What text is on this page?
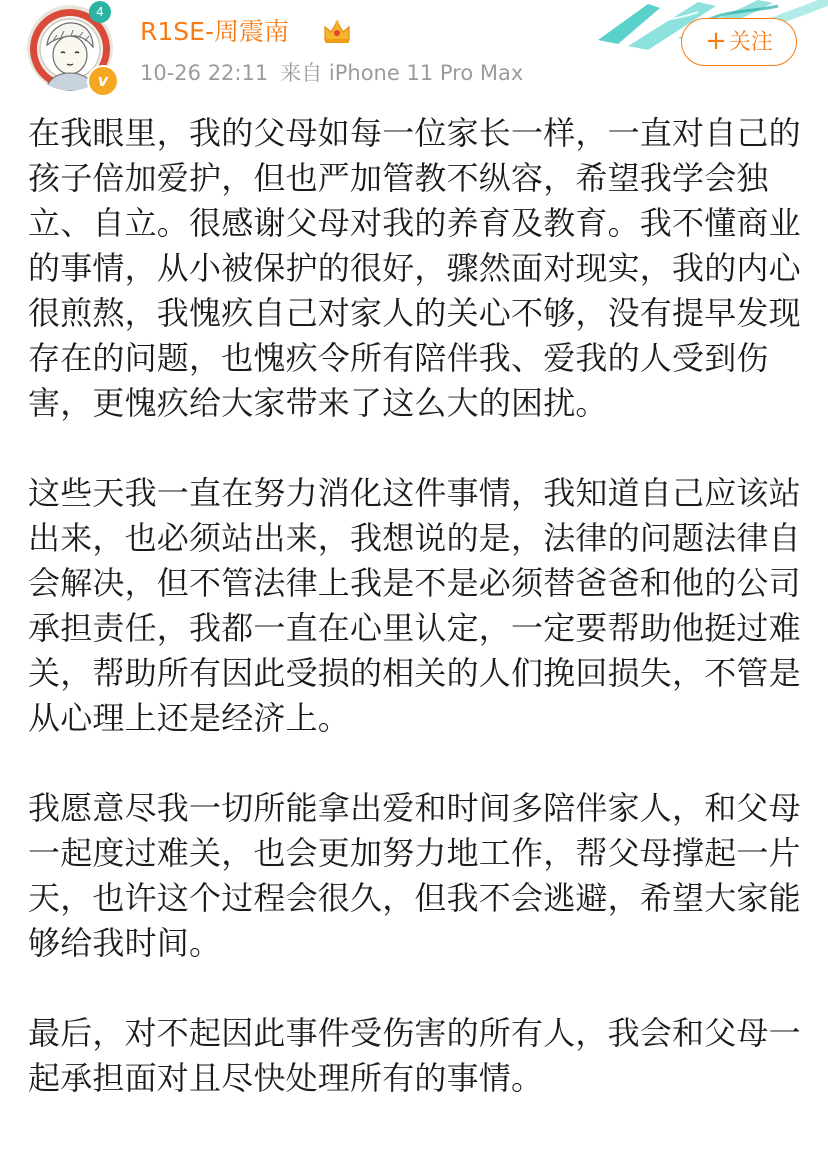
4
v
R1SE-周震南
10-26 22:11 来自 iPhone 11 Pro Max
+关注

在我眼里，我的父母如每一位家长一样，一直对自己的孩子倍加爱护，但也严加管教不纵容，希望我学会独立、自立。很感谢父母对我的养育及教育。我不懂商业的事情，从小被保护的很好，骤然面对现实，我的内心很煎熬，我愧疚自己对家人的关心不够，没有提早发现存在的问题，也愧疚令所有陪伴我、爱我的人受到伤害，更愧疚给大家带来了这么大的困扰。

这些天我一直在努力消化这件事情，我知道自己应该站出来，也必须站出来，我想说的是，法律的问题法律自会解决，但不管法律上我是不是必须替爸爸和他的公司承担责任，我都一直在心里认定，一定要帮助他挺过难关，帮助所有因此受损的相关的人们挽回损失，不管是从心理上还是经济上。

我愿意尽我一切所能拿出爱和时间多陪伴家人，和父母一起度过难关，也会更加努力地工作，帮父母撑起一片天，也许这个过程会很久，但我不会逃避，希望大家能够给我时间。

最后，对不起因此事件受伤害的所有人，我会和父母一起承担面对且尽快处理所有的事情。
